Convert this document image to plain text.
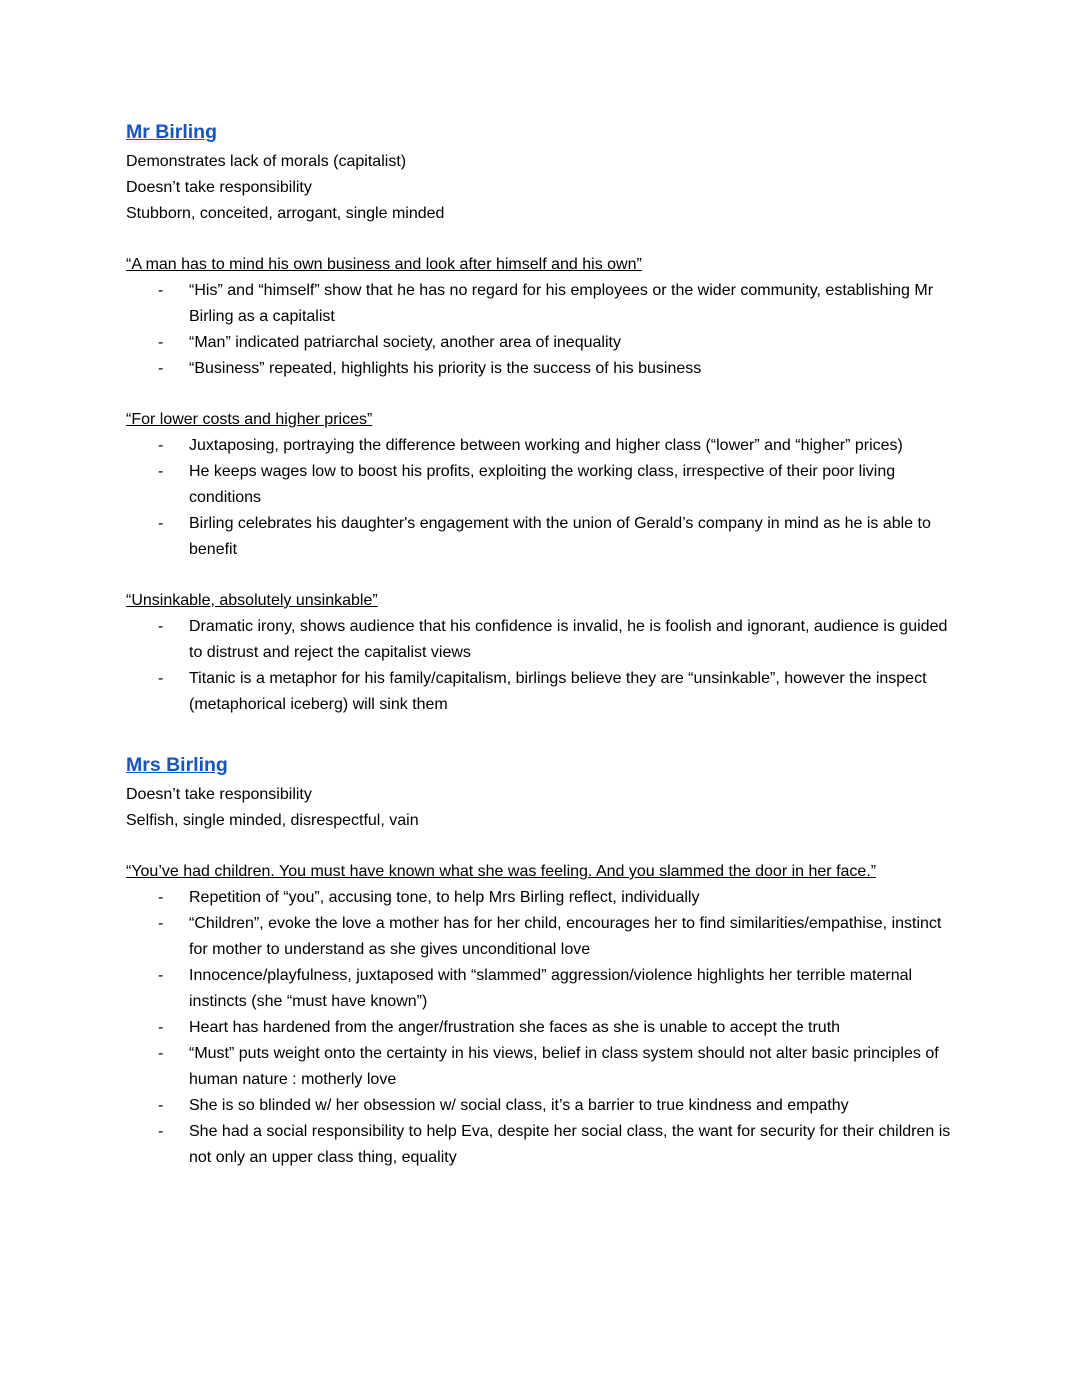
Mr Birling

Demonstrates lack of morals (capitalist)

Doesn’t take responsibility

Stubborn, conceited, arrogant, single minded

“A man has to mind his own business and look after himself and his own”

-	“His” and “himself” show that he has no regard for his employees or the wider community, establishing Mr Birling as a capitalist
-	“Man” indicated patriarchal society, another area of inequality
-	“Business” repeated, highlights his priority is the success of his business

“For lower costs and higher prices”

-	Juxtaposing, portraying the difference between working and higher class (“lower” and “higher” prices)
-	He keeps wages low to boost his profits, exploiting the working class, irrespective of their poor living conditions
-	Birling celebrates his daughter's engagement with the union of Gerald’s company in mind as he is able to benefit

“Unsinkable, absolutely unsinkable”

-	Dramatic irony, shows audience that his confidence is invalid, he is foolish and ignorant, audience is guided to distrust and reject the capitalist views
-	Titanic is a metaphor for his family/capitalism, birlings believe they are “unsinkable”, however the inspect (metaphorical iceberg) will sink them
Mrs Birling

Doesn’t take responsibility

Selfish, single minded, disrespectful, vain

“You’ve had children. You must have known what she was feeling. And you slammed the door in her face.”

-	Repetition of “you”, accusing tone, to help Mrs Birling reflect, individually
-	“Children”, evoke the love a mother has for her child, encourages her to find similarities/empathise, instinct for mother to understand as she gives unconditional love
-	Innocence/playfulness, juxtaposed with “slammed” aggression/violence highlights her terrible maternal instincts (she “must have known”)
-	Heart has hardened from the anger/frustration she faces as she is unable to accept the truth
-	“Must” puts weight onto the certainty in his views, belief in class system should not alter basic principles of human nature : motherly love
-	She is so blinded w/ her obsession w/ social class, it’s a barrier to true kindness and empathy
-	She had a social responsibility to help Eva, despite her social class, the want for security for their children is not only an upper class thing, equality
